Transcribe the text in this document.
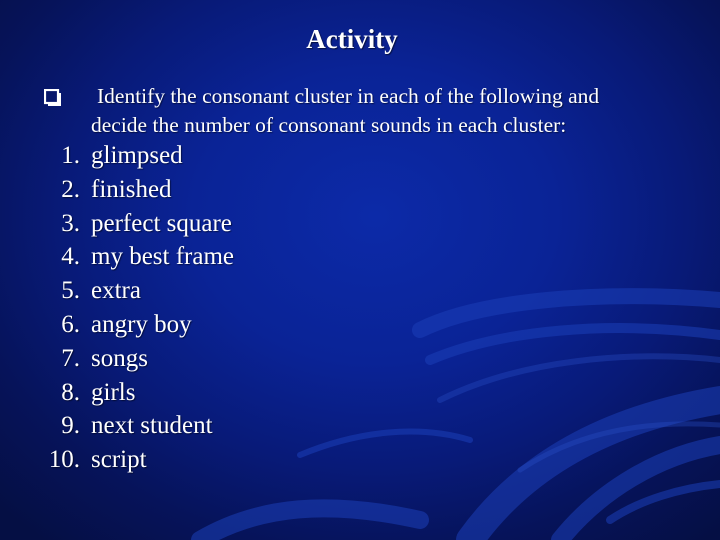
Activity
Identify the consonant cluster in each of the following and
decide the number of consonant sounds in each cluster:
1. glimpsed
2. finished
3. perfect square
4. my best frame
5. extra
6. angry boy
7. songs
8. girls
9. next student
10. script
